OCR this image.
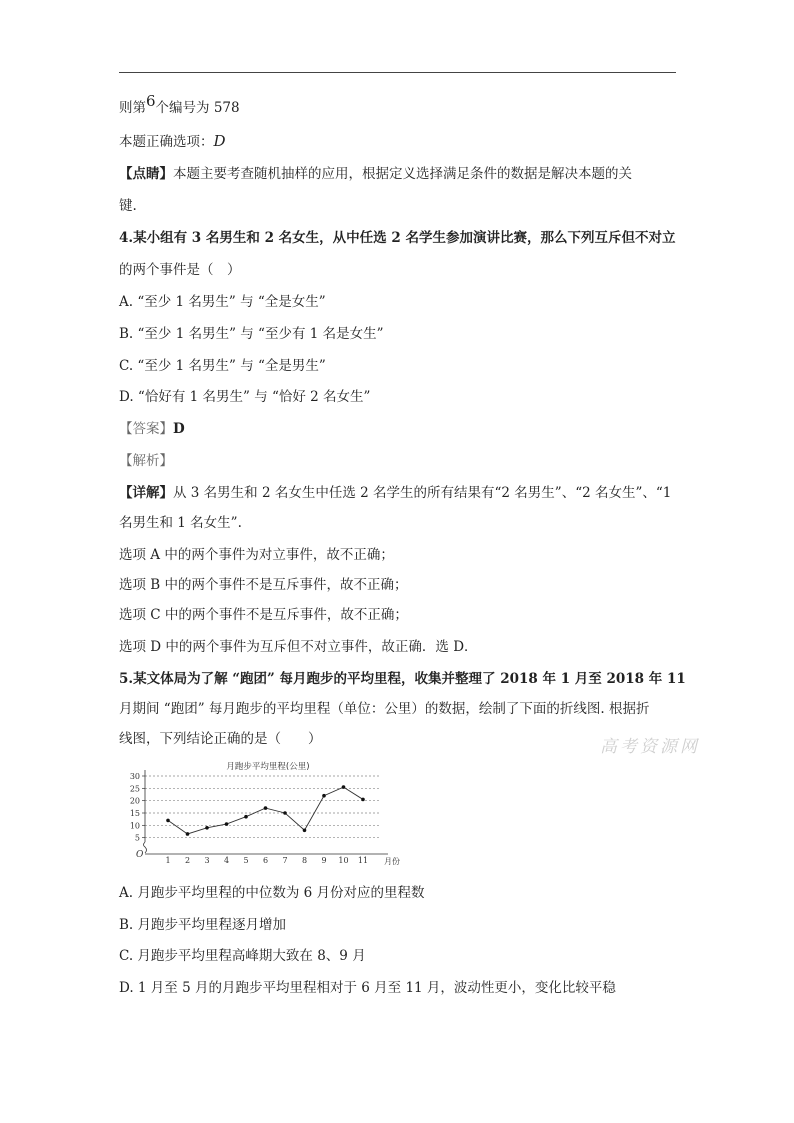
则第6个编号为 578
本题正确选项：D
【点睛】本题主要考查随机抽样的应用，根据定义选择满足条件的数据是解决本题的关
键.
4.某小组有 3 名男生和 2 名女生，从中任选 2 名学生参加演讲比赛，那么下列互斥但不对立
的两个事件是（　）
A. “至少 1 名男生” 与 “全是女生”
B. “至少 1 名男生” 与 “至少有 1 名是女生”
C. “至少 1 名男生” 与 “全是男生”
D. “恰好有 1 名男生” 与 “恰好 2 名女生”
【答案】D
【解析】
【详解】从 3 名男生和 2 名女生中任选 2 名学生的所有结果有“2 名男生”、“2 名女生”、“1
名男生和 1 名女生”.
选项 A 中的两个事件为对立事件，故不正确；
选项 B 中的两个事件不是互斥事件，故不正确；
选项 C 中的两个事件不是互斥事件，故不正确；
选项 D 中的两个事件为互斥但不对立事件，故正确．选 D．
5.某文体局为了解 “跑团” 每月跑步的平均里程，收集并整理了 2018 年 1 月至 2018 年 11
月期间 “跑团” 每月跑步的平均里程（单位：公里）的数据，绘制了下面的折线图. 根据折
线图，下列结论正确的是（　　）	高考资源网
月跑步平均里程(公里)
5
10
15
20
25
30
O
1 2 3 4 5 6 7 8 9 10 11 月份
A. 月跑步平均里程的中位数为 6 月份对应的里程数
B. 月跑步平均里程逐月增加
C. 月跑步平均里程高峰期大致在 8、9 月
D. 1 月至 5 月的月跑步平均里程相对于 6 月至 11 月，波动性更小，变化比较平稳
